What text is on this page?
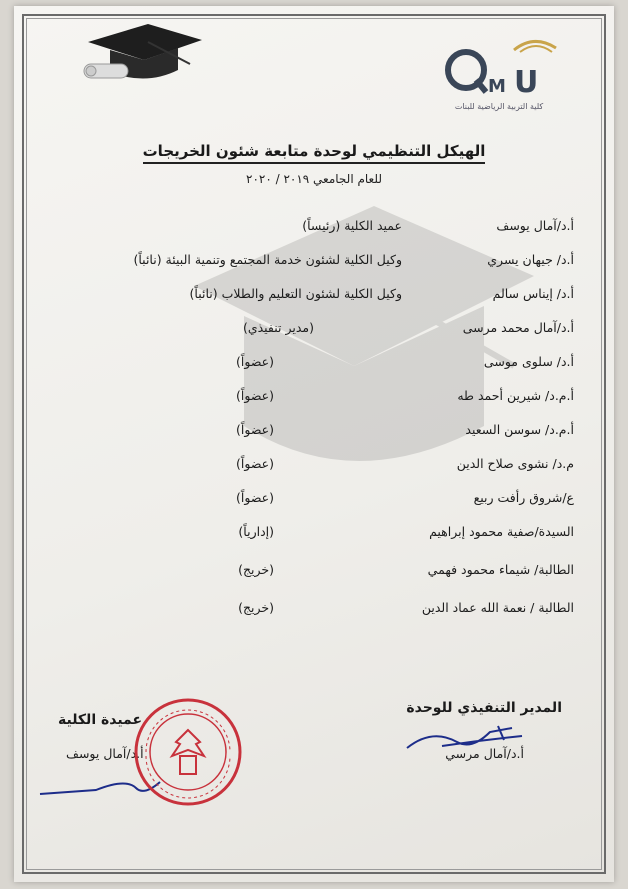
M U
كلية التربية الرياضية للبنات
الهيكل التنظيمي لوحدة متابعة شئون الخريجات
للعام الجامعي ٢٠١٩ / ٢٠٢٠
أ.د/آمال يوسف
عميد الكلية (رئيساً)
أ.د/ جيهان يسري
وكيل الكلية لشئون خدمة المجتمع وتنمية البيئة (نائباً)
أ.د/ إيناس سالم
وكيل الكلية لشئون التعليم والطلاب (نائباً)
أ.د/آمال محمد مرسى
(مدير تنفيذي)
أ.د/ سلوى موسى
(عضواً)
أ.م.د/ شيرين أحمد طه
(عضواً)
أ.م.د/ سوسن السعيد
(عضواً)
م.د/ نشوى صلاح الدين
(عضواً)
ع/شروق رأفت ربيع
(عضواً)
السيدة/صفية محمود إبراهيم
(إدارياً)
الطالبة/ شيماء محمود فهمي
(خريج)
الطالبة / نعمة الله عماد الدين
(خريج)
المدير التنفيذي للوحدة
أ.د/آمال مرسي
عميدة الكلية
أ.د/آمال يوسف
